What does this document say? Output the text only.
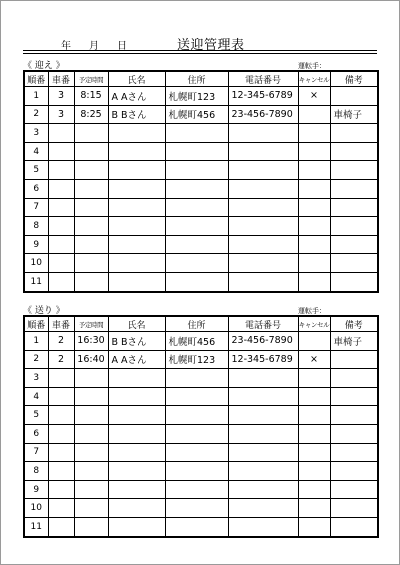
年 月 日	送迎管理表
《 迎え 》	運転手：
順番	車番	予定時間	氏名	住所	電話番号	キャンセル	備考
1	3	8:15	A Aさん	札幌町123	12-345-6789	×	
2	3	8:25	B Bさん	札幌町456	23-456-7890		車椅子
3							
4							
5							
6							
7							
8							
9							
10							
11							
《 送り 》	運転手：
順番	車番	予定時間	氏名	住所	電話番号	キャンセル	備考
1	2	16:30	B Bさん	札幌町456	23-456-7890		車椅子
2	2	16:40	A Aさん	札幌町123	12-345-6789	×	
3							
4							
5							
6							
7							
8							
9							
10							
11							
